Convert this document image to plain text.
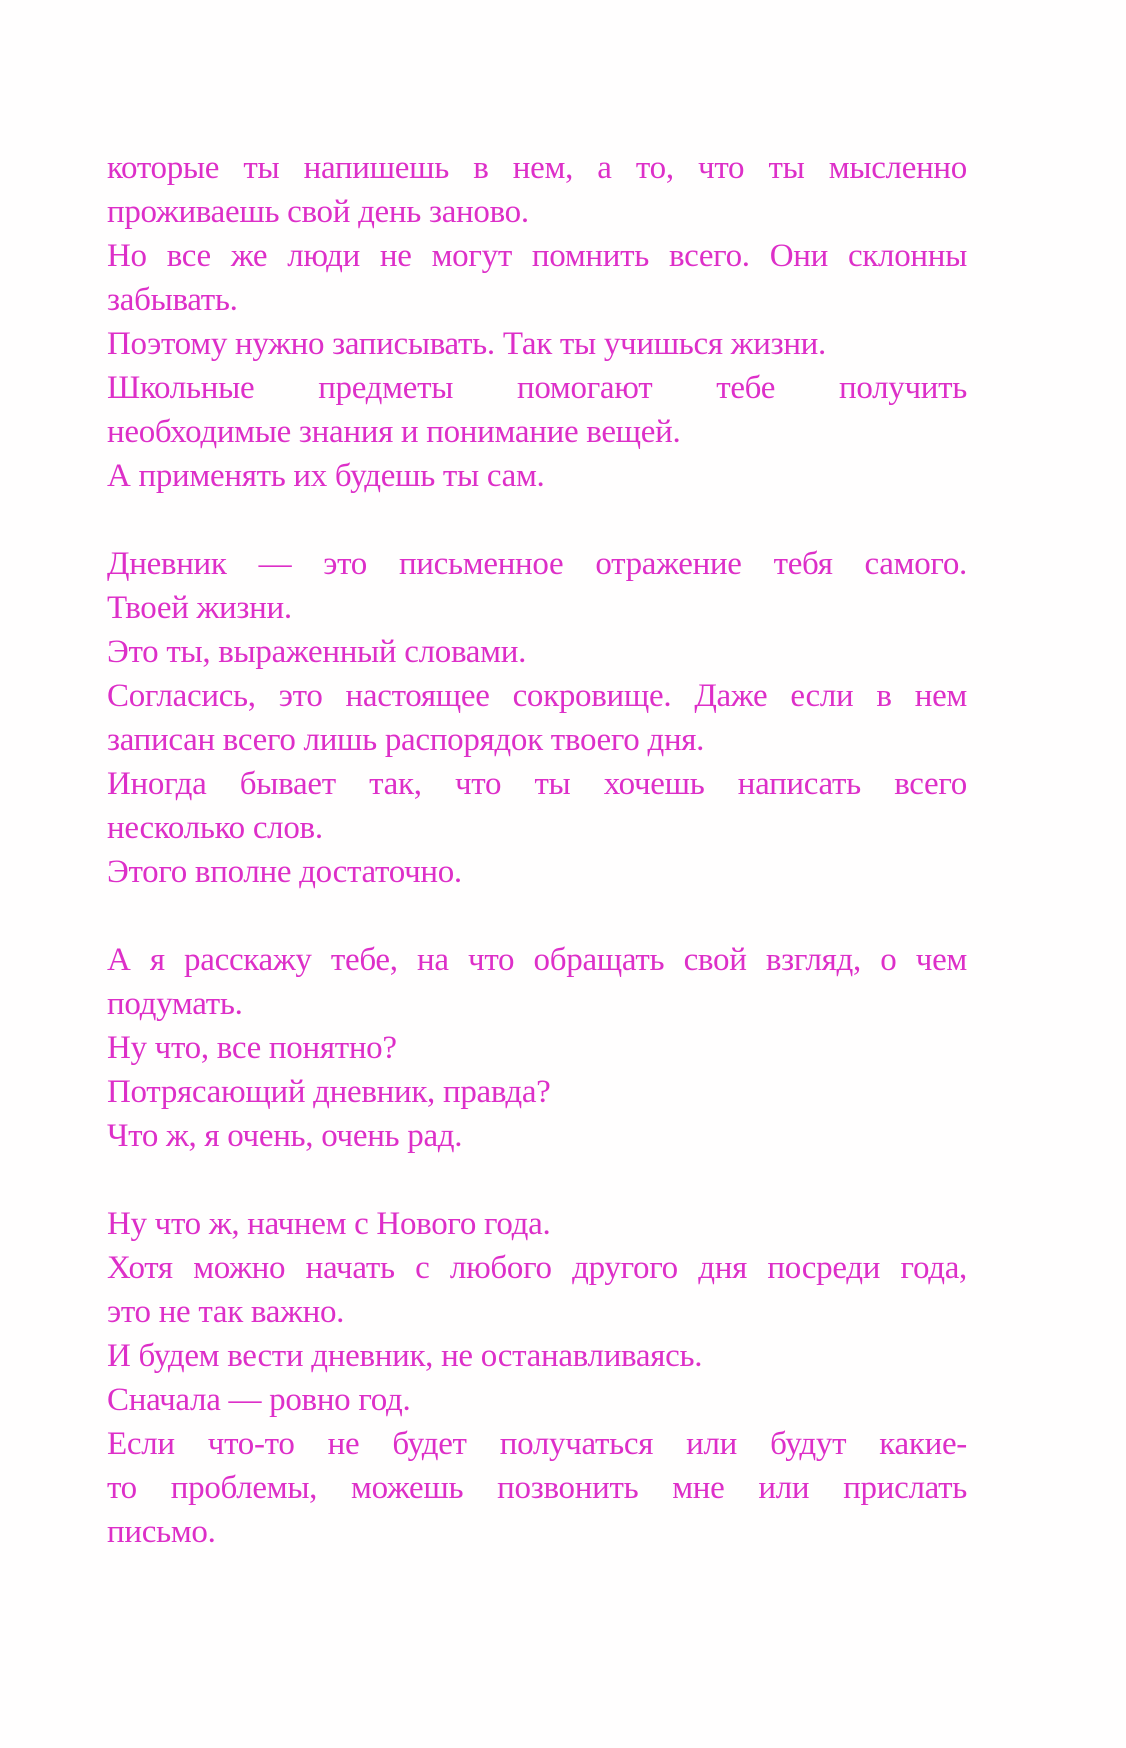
которые ты напишешь в нем, а то, что ты мысленно
проживаешь свой день заново.
Но все же люди не могут помнить всего. Они склонны
забывать.
Поэтому нужно записывать. Так ты учишься жизни.
Школьные предметы помогают тебе получить
необходимые знания и понимание вещей.
А применять их будешь ты сам.
Дневник — это письменное отражение тебя самого.
Твоей жизни.
Это ты, выраженный словами.
Согласись, это настоящее сокровище. Даже если в нем
записан всего лишь распорядок твоего дня.
Иногда бывает так, что ты хочешь написать всего
несколько слов.
Этого вполне достаточно.
А я расскажу тебе, на что обращать свой взгляд, о чем
подумать.
Ну что, все понятно?
Потрясающий дневник, правда?
Что ж, я очень, очень рад.
Ну что ж, начнем с Нового года.
Хотя можно начать с любого другого дня посреди года,
это не так важно.
И будем вести дневник, не останавливаясь.
Сначала — ровно год.
Если что-то не будет получаться или будут какие-
то проблемы, можешь позвонить мне или прислать
письмо.
